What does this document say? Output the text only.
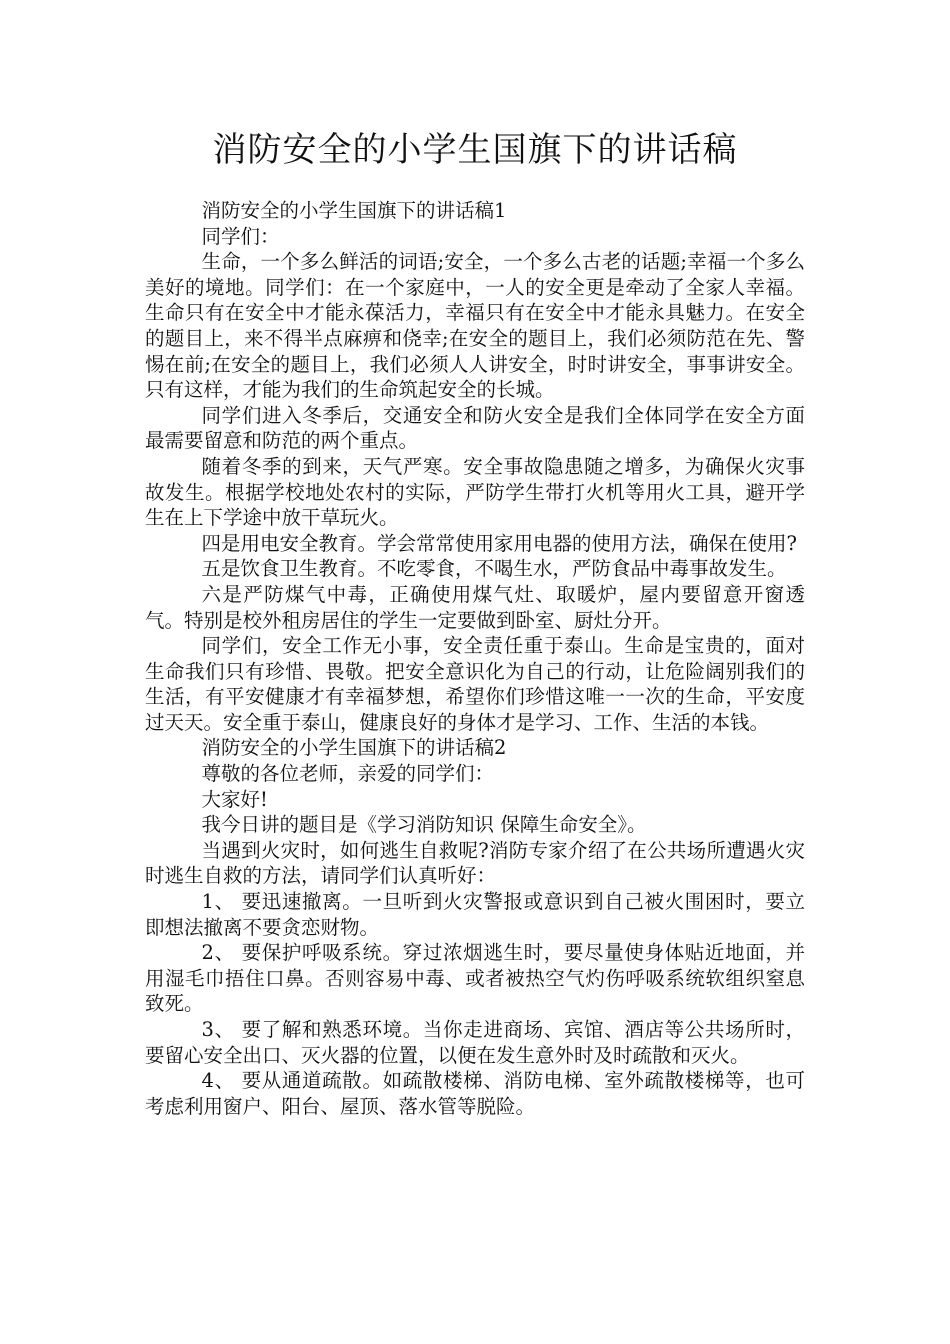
消防安全的小学生国旗下的讲话稿

消防安全的小学生国旗下的讲话稿1

同学们：

生命，一个多么鲜活的词语;安全，一个多么古老的话题;幸福一个多么美好的境地。同学们：在一个家庭中，一人的安全更是牵动了全家人幸福。生命只有在安全中才能永葆活力，幸福只有在安全中才能永具魅力。在安全的题目上，来不得半点麻痹和侥幸;在安全的题目上，我们必须防范在先、警惕在前;在安全的题目上，我们必须人人讲安全，时时讲安全，事事讲安全。只有这样，才能为我们的生命筑起安全的长城。

同学们进入冬季后，交通安全和防火安全是我们全体同学在安全方面最需要留意和防范的两个重点。

随着冬季的到来，天气严寒。安全事故隐患随之增多，为确保火灾事故发生。根据学校地处农村的实际，严防学生带打火机等用火工具，避开学生在上下学途中放干草玩火。

四是用电安全教育。学会常常使用家用电器的使用方法，确保在使用?

五是饮食卫生教育。不吃零食，不喝生水，严防食品中毒事故发生。

六是严防煤气中毒，正确使用煤气灶、取暖炉，屋内要留意开窗透气。特别是校外租房居住的学生一定要做到卧室、厨灶分开。

同学们，安全工作无小事，安全责任重于泰山。生命是宝贵的，面对生命我们只有珍惜、畏敬。把安全意识化为自己的行动，让危险阔别我们的生活，有平安健康才有幸福梦想，希望你们珍惜这唯一一次的生命，平安度过天天。安全重于泰山，健康良好的身体才是学习、工作、生活的本钱。

消防安全的小学生国旗下的讲话稿2

尊敬的各位老师，亲爱的同学们：

大家好!

我今日讲的题目是《学习消防知识 保障生命安全》。

当遇到火灾时，如何逃生自救呢?消防专家介绍了在公共场所遭遇火灾时逃生自救的方法，请同学们认真听好：

1、 要迅速撤离。一旦听到火灾警报或意识到自己被火围困时，要立即想法撤离不要贪恋财物。

2、 要保护呼吸系统。穿过浓烟逃生时，要尽量使身体贴近地面，并用湿毛巾捂住口鼻。否则容易中毒、或者被热空气灼伤呼吸系统软组织窒息致死。

3、 要了解和熟悉环境。当你走进商场、宾馆、酒店等公共场所时，要留心安全出口、灭火器的位置，以便在发生意外时及时疏散和灭火。

4、 要从通道疏散。如疏散楼梯、消防电梯、室外疏散楼梯等，也可考虑利用窗户、阳台、屋顶、落水管等脱险。
